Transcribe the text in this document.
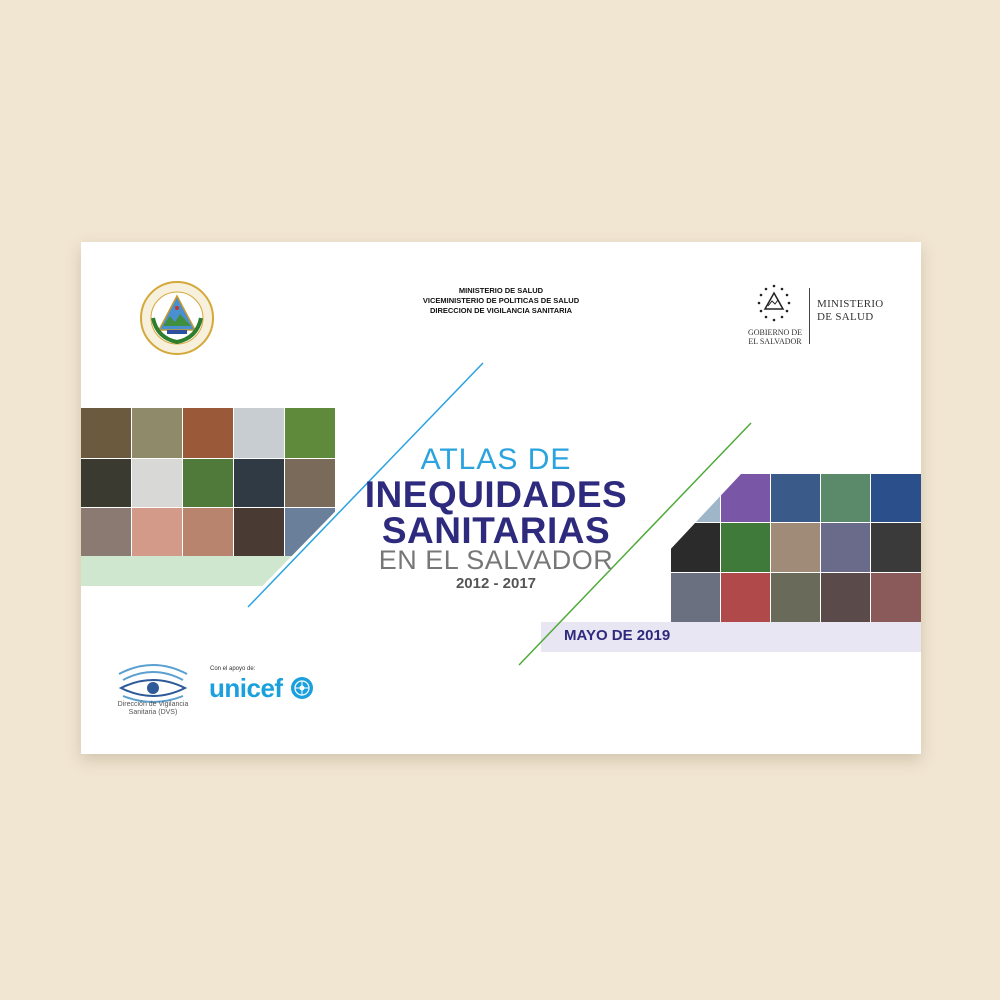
MINISTERIO DE SALUD
VICEMINISTERIO DE POLITICAS DE SALUD
DIRECCION DE VIGILANCIA SANITARIA
GOBIERNO DE
EL SALVADOR
MINISTERIO
DE SALUD
ATLAS DE
INEQUIDADES
SANITARIAS
EN EL SALVADOR
2012 - 2017
MAYO DE 2019
Dirección de Vigilancia
Sanitaria (DVS)
Con el apoyo de:
unicef
